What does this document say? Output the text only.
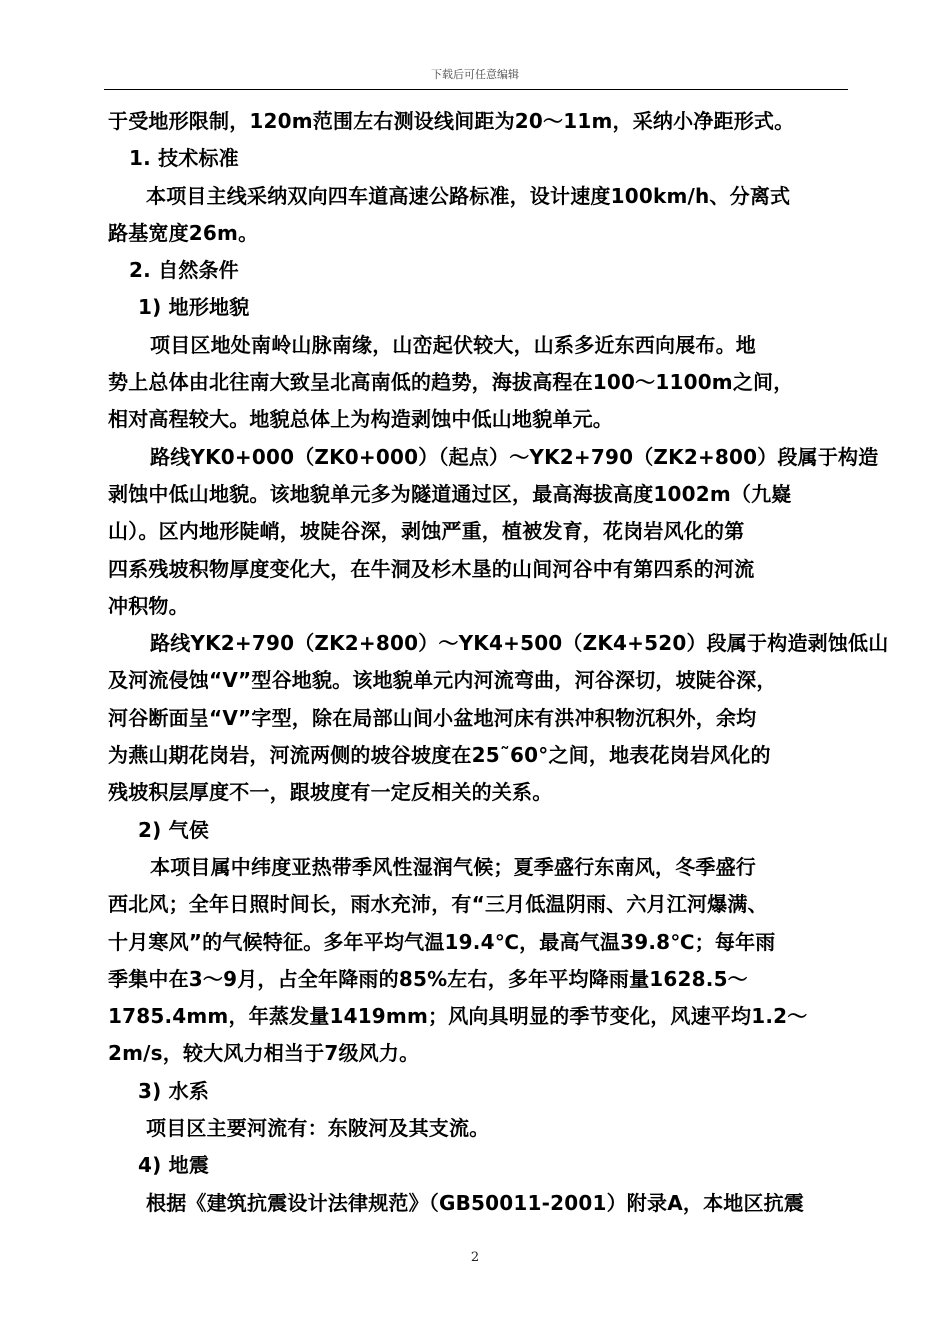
下载后可任意编辑

于受地形限制，120m范围左右测设线间距为20～11m，采纳小净距形式。

1. 技术标准

本项目主线采纳双向四车道高速公路标准，设计速度100km/h、分离式

路基宽度26m。

2. 自然条件

1) 地形地貌

项目区地处南岭山脉南缘，山峦起伏较大，山系多近东西向展布。地

势上总体由北往南大致呈北高南低的趋势，海拔高程在100～1100m之间，

相对高程较大。地貌总体上为构造剥蚀中低山地貌单元。

路线YK0+000（ZK0+000）（起点）～YK2+790（ZK2+800）段属于构造

剥蚀中低山地貌。该地貌单元多为隧道通过区，最高海拔高度1002m（九嶷

山）。区内地形陡峭，坡陡谷深，剥蚀严重，植被发育，花岗岩风化的第

四系残坡积物厚度变化大，在牛洞及杉木垦的山间河谷中有第四系的河流

冲积物。

路线YK2+790（ZK2+800）～YK4+500（ZK4+520）段属于构造剥蚀低山

及河流侵蚀“V”型谷地貌。该地貌单元内河流弯曲，河谷深切，坡陡谷深，

河谷断面呈“V”字型，除在局部山间小盆地河床有洪冲积物沉积外，余均

为燕山期花岗岩，河流两侧的坡谷坡度在25˜60°之间，地表花岗岩风化的

残坡积层厚度不一，跟坡度有一定反相关的关系。

2) 气侯

本项目属中纬度亚热带季风性湿润气候；夏季盛行东南风，冬季盛行

西北风；全年日照时间长，雨水充沛，有“三月低温阴雨、六月江河爆满、

十月寒风”的气候特征。多年平均气温19.4℃，最高气温39.8℃；每年雨

季集中在3～9月，占全年降雨的85%左右，多年平均降雨量1628.5～

1785.4mm，年蒸发量1419mm；风向具明显的季节变化，风速平均1.2～

2m/s，较大风力相当于7级风力。

3) 水系

项目区主要河流有：东陂河及其支流。

4) 地震

根据《建筑抗震设计法律规范》（GB50011-2001）附录A，本地区抗震

2
